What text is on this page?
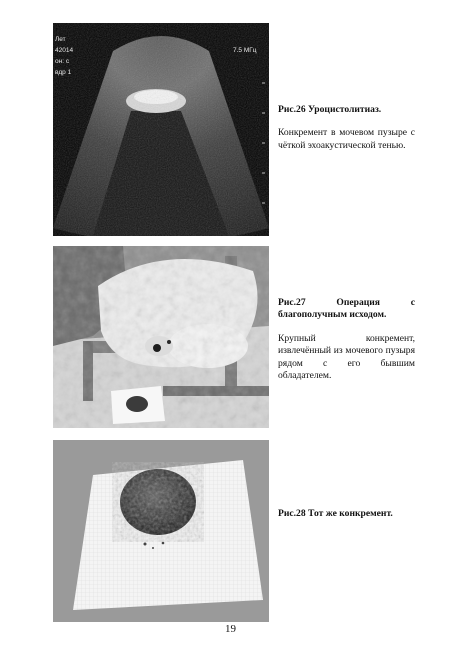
Лет
42014
он: с
вдр 1
7.5 МГц

Рис.26 Уроцистолитиаз.

Конкремент в мочевом пузыре с чёткой эхоакустической тенью.

Рис.27 Операция с благополучным исходом.

Крупный конкремент, извлечённый из мочевого пузыря рядом с его бывшим обладателем.

Рис.28 Тот же конкремент.

19
